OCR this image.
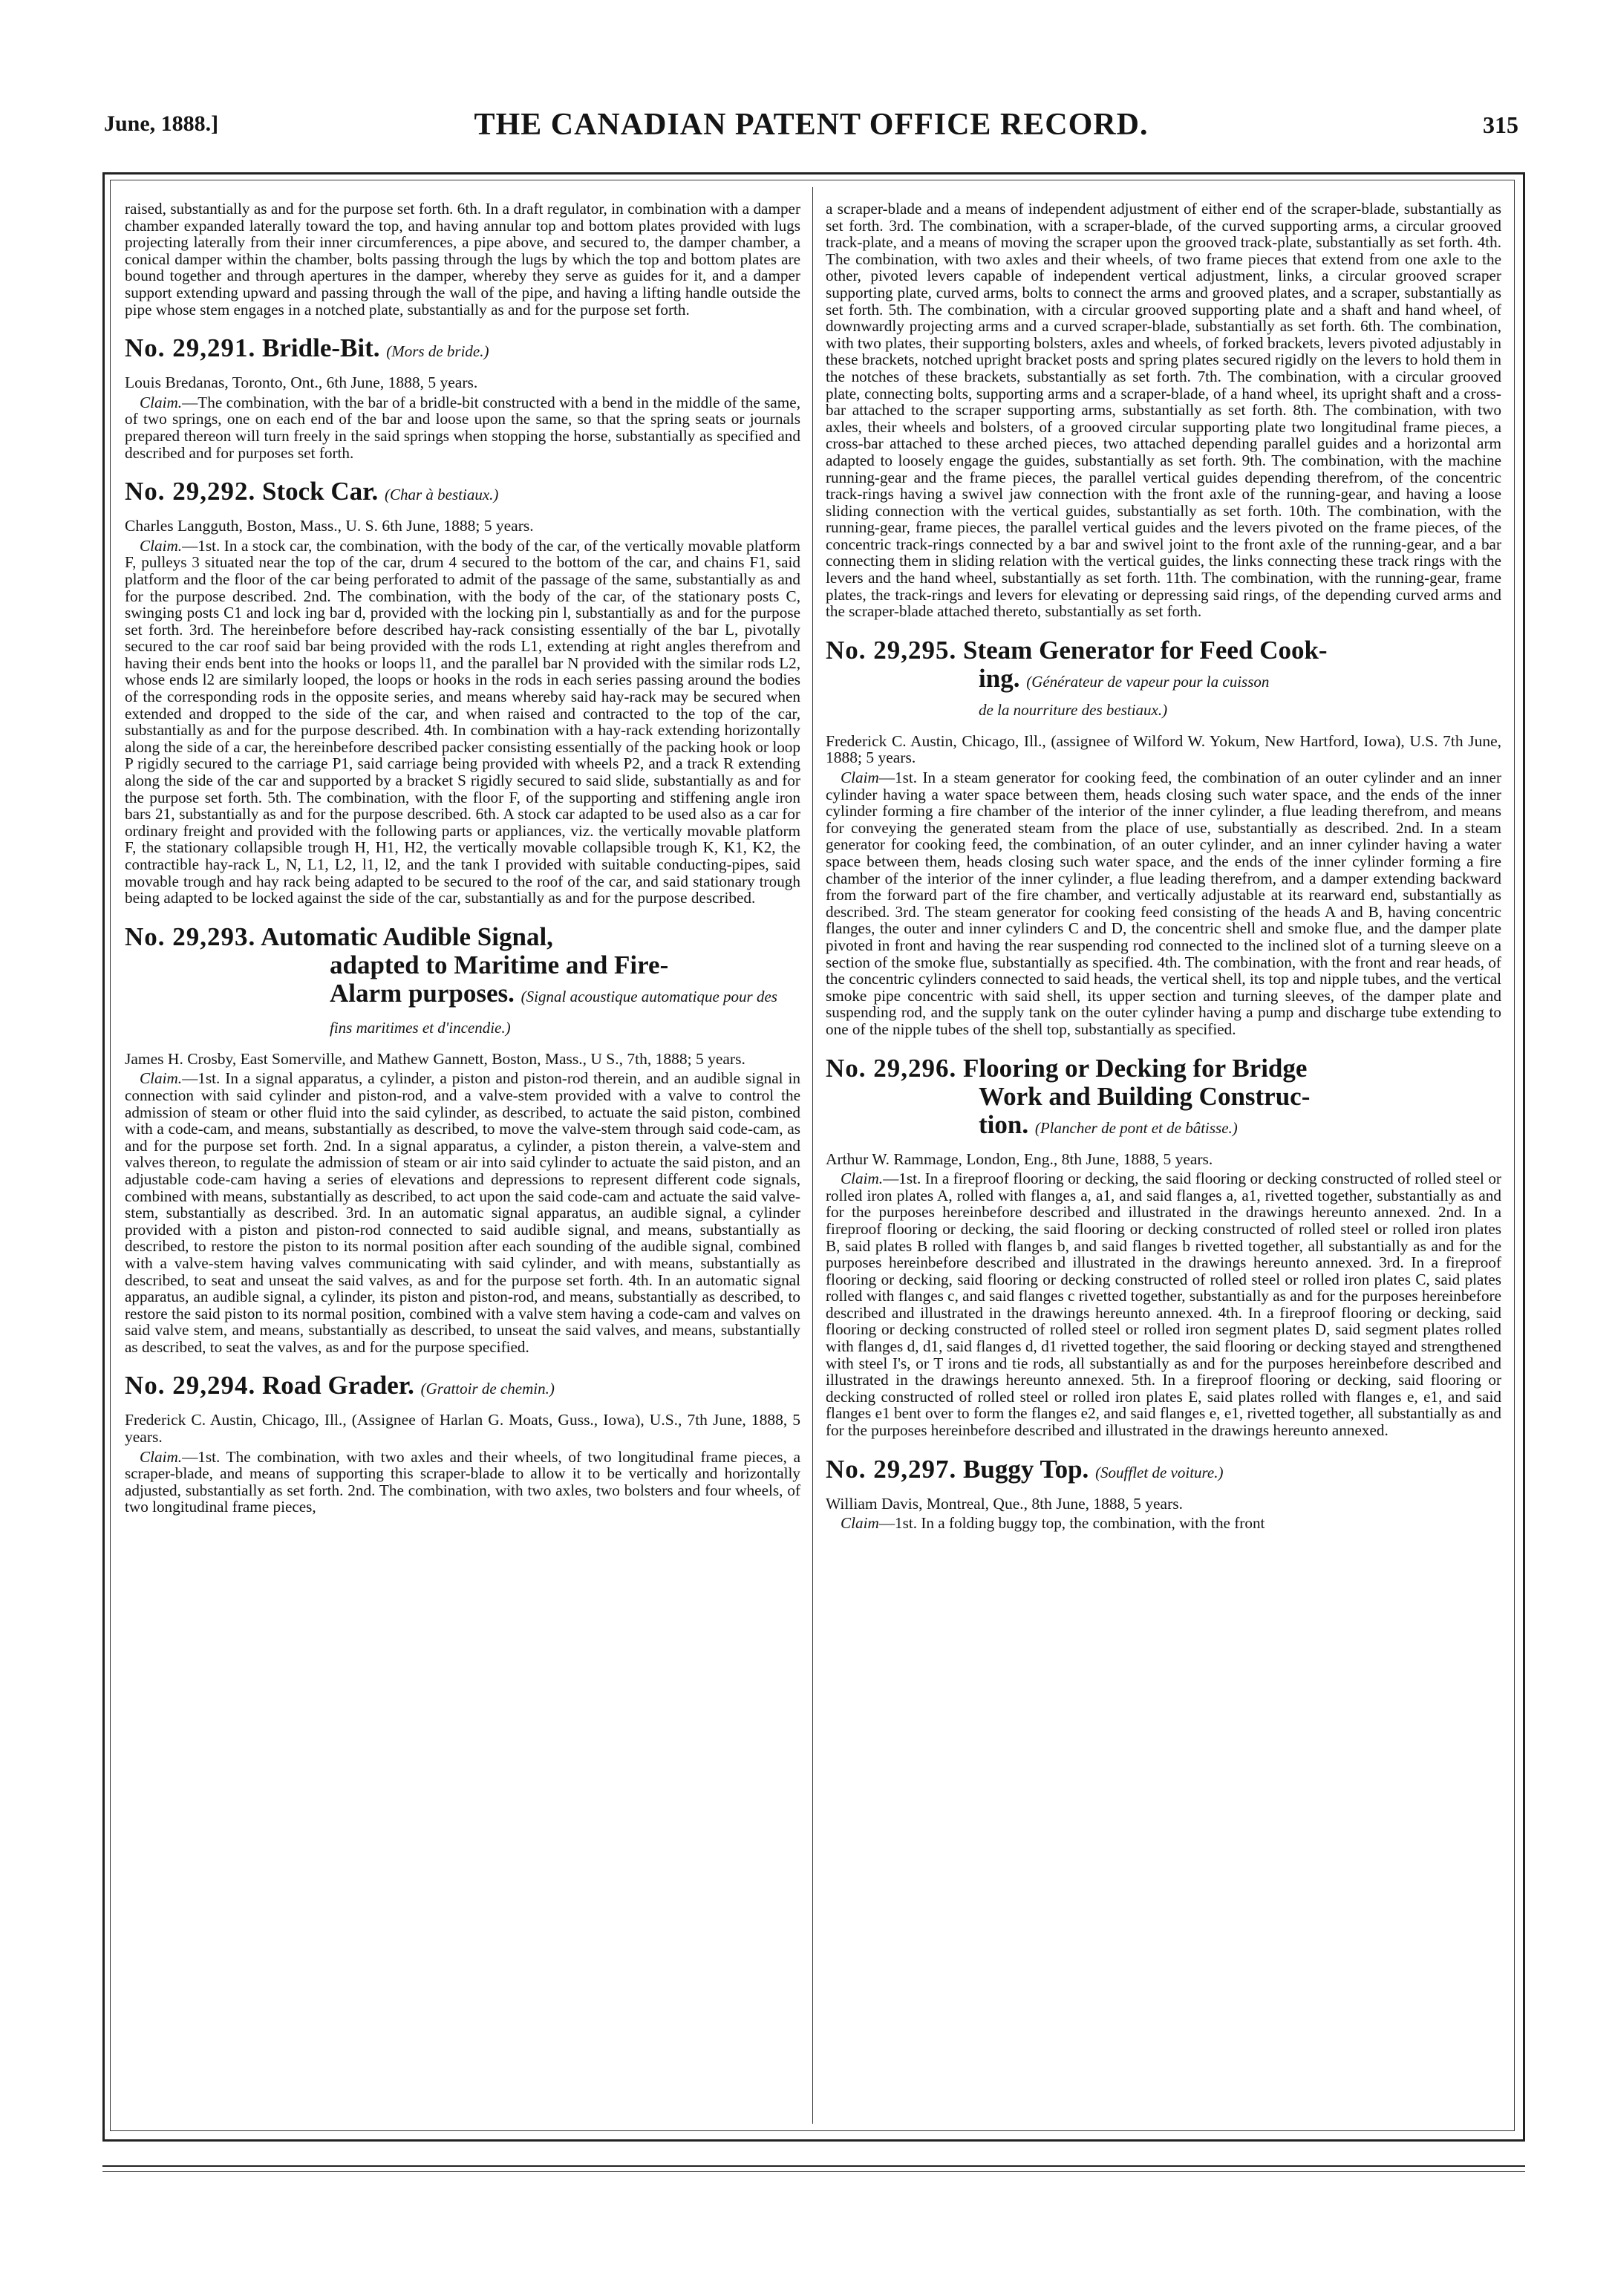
June, 1888.]	THE CANADIAN PATENT OFFICE RECORD.	315

raised, substantially as and for the purpose set forth. 6th. In a draft regulator, in combination with a damper chamber expanded laterally toward the top, and having annular top and bottom plates provided with lugs projecting laterally from their inner circumferences, a pipe above, and secured to, the damper chamber, a conical damper within the chamber, bolts passing through the lugs by which the top and bottom plates are bound together and through apertures in the damper, whereby they serve as guides for it, and a damper support extending upward and passing through the wall of the pipe, and having a lifting handle outside the pipe whose stem engages in a notched plate, substantially as and for the purpose set forth.

No. 29,291. Bridle-Bit. (Mors de bride.)

Louis Bredanas, Toronto, Ont., 6th June, 1888, 5 years.

Claim.—The combination, with the bar of a bridle-bit constructed with a bend in the middle of the same, of two springs, one on each end of the bar and loose upon the same, so that the spring seats or journals prepared thereon will turn freely in the said springs when stopping the horse, substantially as specified and described and for purposes set forth.

No. 29,292. Stock Car. (Char à bestiaux.)

Charles Langguth, Boston, Mass., U. S. 6th June, 1888; 5 years.

Claim.—1st. In a stock car, the combination, with the body of the car, of the vertically movable platform F, pulleys 3 situated near the top of the car, drum 4 secured to the bottom of the car, and chains F1, said platform and the floor of the car being perforated to admit of the passage of the same, substantially as and for the purpose described. 2nd. The combination, with the body of the car, of the stationary posts C, swinging posts C1 and lock ing bar d, provided with the locking pin l, substantially as and for the purpose set forth. 3rd. The hereinbefore before described hay-rack consisting essentially of the bar L, pivotally secured to the car roof said bar being provided with the rods L1, extending at right angles therefrom and having their ends bent into the hooks or loops l1, and the parallel bar N provided with the similar rods L2, whose ends l2 are similarly looped, the loops or hooks in the rods in each series passing around the bodies of the corresponding rods in the opposite series, and means whereby said hay-rack may be secured when extended and dropped to the side of the car, and when raised and contracted to the top of the car, substantially as and for the purpose described. 4th. In combination with a hay-rack extending horizontally along the side of a car, the hereinbefore described packer consisting essentially of the packing hook or loop P rigidly secured to the carriage P1, said carriage being provided with wheels P2, and a track R extending along the side of the car and supported by a bracket S rigidly secured to said slide, substantially as and for the purpose set forth. 5th. The combination, with the floor F, of the supporting and stiffening angle iron bars 21, substantially as and for the purpose described. 6th. A stock car adapted to be used also as a car for ordinary freight and provided with the following parts or appliances, viz. the vertically movable platform F, the stationary collapsible trough H, H1, H2, the vertically movable collapsible trough K, K1, K2, the contractible hay-rack L, N, L1, L2, l1, l2, and the tank I provided with suitable conducting-pipes, said movable trough and hay rack being adapted to be secured to the roof of the car, and said stationary trough being adapted to be locked against the side of the car, substantially as and for the purpose described.

No. 29,293. Automatic Audible Signal,
adapted to Maritime and Fire-
Alarm purposes. (Signal acoustique automatique pour des fins maritimes et d'incendie.)

James H. Crosby, East Somerville, and Mathew Gannett, Boston, Mass., U S., 7th, 1888; 5 years.

Claim.—1st. In a signal apparatus, a cylinder, a piston and piston-rod therein, and an audible signal in connection with said cylinder and piston-rod, and a valve-stem provided with a valve to control the admission of steam or other fluid into the said cylinder, as described, to actuate the said piston, combined with a code-cam, and means, substantially as described, to move the valve-stem through said code-cam, as and for the purpose set forth. 2nd. In a signal apparatus, a cylinder, a piston therein, a valve-stem and valves thereon, to regulate the admission of steam or air into said cylinder to actuate the said piston, and an adjustable code-cam having a series of elevations and depressions to represent different code signals, combined with means, substantially as described, to act upon the said code-cam and actuate the said valve-stem, substantially as described. 3rd. In an automatic signal apparatus, an audible signal, a cylinder provided with a piston and piston-rod connected to said audible signal, and means, substantially as described, to restore the piston to its normal position after each sounding of the audible signal, combined with a valve-stem having valves communicating with said cylinder, and with means, substantially as described, to seat and unseat the said valves, as and for the purpose set forth. 4th. In an automatic signal apparatus, an audible signal, a cylinder, its piston and piston-rod, and means, substantially as described, to restore the said piston to its normal position, combined with a valve stem having a code-cam and valves on said valve stem, and means, substantially as described, to unseat the said valves, and means, substantially as described, to seat the valves, as and for the purpose specified.

No. 29,294. Road Grader. (Grattoir de chemin.)

Frederick C. Austin, Chicago, Ill., (Assignee of Harlan G. Moats, Guss., Iowa), U.S., 7th June, 1888, 5 years.

Claim.—1st. The combination, with two axles and their wheels, of two longitudinal frame pieces, a scraper-blade, and means of supporting this scraper-blade to allow it to be vertically and horizontally adjusted, substantially as set forth. 2nd. The combination, with two axles, two bolsters and four wheels, of two longitudinal frame pieces,

a scraper-blade and a means of independent adjustment of either end of the scraper-blade, substantially as set forth. 3rd. The combination, with a scraper-blade, of the curved supporting arms, a circular grooved track-plate, and a means of moving the scraper upon the grooved track-plate, substantially as set forth. 4th. The combination, with two axles and their wheels, of two frame pieces that extend from one axle to the other, pivoted levers capable of independent vertical adjustment, links, a circular grooved scraper supporting plate, curved arms, bolts to connect the arms and grooved plates, and a scraper, substantially as set forth. 5th. The combination, with a circular grooved supporting plate and a shaft and hand wheel, of downwardly projecting arms and a curved scraper-blade, substantially as set forth. 6th. The combination, with two plates, their supporting bolsters, axles and wheels, of forked brackets, levers pivoted adjustably in these brackets, notched upright bracket posts and spring plates secured rigidly on the levers to hold them in the notches of these brackets, substantially as set forth. 7th. The combination, with a circular grooved plate, connecting bolts, supporting arms and a scraper-blade, of a hand wheel, its upright shaft and a cross-bar attached to the scraper supporting arms, substantially as set forth. 8th. The combination, with two axles, their wheels and bolsters, of a grooved circular supporting plate two longitudinal frame pieces, a cross-bar attached to these arched pieces, two attached depending parallel guides and a horizontal arm adapted to loosely engage the guides, substantially as set forth. 9th. The combination, with the machine running-gear and the frame pieces, the parallel vertical guides depending therefrom, of the concentric track-rings having a swivel jaw connection with the front axle of the running-gear, and having a loose sliding connection with the vertical guides, substantially as set forth. 10th. The combination, with the running-gear, frame pieces, the parallel vertical guides and the levers pivoted on the frame pieces, of the concentric track-rings connected by a bar and swivel joint to the front axle of the running-gear, and a bar connecting them in sliding relation with the vertical guides, the links connecting these track rings with the levers and the hand wheel, substantially as set forth. 11th. The combination, with the running-gear, frame plates, the track-rings and levers for elevating or depressing said rings, of the depending curved arms and the scraper-blade attached thereto, substantially as set forth.

No. 29,295. Steam Generator for Feed Cook-
ing. (Générateur de vapeur pour la cuisson
de la nourriture des bestiaux.)

Frederick C. Austin, Chicago, Ill., (assignee of Wilford W. Yokum, New Hartford, Iowa), U.S. 7th June, 1888; 5 years.

Claim—1st. In a steam generator for cooking feed, the combination of an outer cylinder and an inner cylinder having a water space between them, heads closing such water space, and the ends of the inner cylinder forming a fire chamber of the interior of the inner cylinder, a flue leading therefrom, and means for conveying the generated steam from the place of use, substantially as described. 2nd. In a steam generator for cooking feed, the combination, of an outer cylinder, and an inner cylinder having a water space between them, heads closing such water space, and the ends of the inner cylinder forming a fire chamber of the interior of the inner cylinder, a flue leading therefrom, and a damper extending backward from the forward part of the fire chamber, and vertically adjustable at its rearward end, substantially as described. 3rd. The steam generator for cooking feed consisting of the heads A and B, having concentric flanges, the outer and inner cylinders C and D, the concentric shell and smoke flue, and the damper plate pivoted in front and having the rear suspending rod connected to the inclined slot of a turning sleeve on a section of the smoke flue, substantially as specified. 4th. The combination, with the front and rear heads, of the concentric cylinders connected to said heads, the vertical shell, its top and nipple tubes, and the vertical smoke pipe concentric with said shell, its upper section and turning sleeves, of the damper plate and suspending rod, and the supply tank on the outer cylinder having a pump and discharge tube extending to one of the nipple tubes of the shell top, substantially as specified.

No. 29,296. Flooring or Decking for Bridge
Work and Building Construc-
tion. (Plancher de pont et de bâtisse.)

Arthur W. Rammage, London, Eng., 8th June, 1888, 5 years.

Claim.—1st. In a fireproof flooring or decking, the said flooring or decking constructed of rolled steel or rolled iron plates A, rolled with flanges a, a1, and said flanges a, a1, rivetted together, substantially as and for the purposes hereinbefore described and illustrated in the drawings hereunto annexed. 2nd. In a fireproof flooring or decking, the said flooring or decking constructed of rolled steel or rolled iron plates B, said plates B rolled with flanges b, and said flanges b rivetted together, all substantially as and for the purposes hereinbefore described and illustrated in the drawings hereunto annexed. 3rd. In a fireproof flooring or decking, said flooring or decking constructed of rolled steel or rolled iron plates C, said plates rolled with flanges c, and said flanges c rivetted together, substantially as and for the purposes hereinbefore described and illustrated in the drawings hereunto annexed. 4th. In a fireproof flooring or decking, said flooring or decking constructed of rolled steel or rolled iron segment plates D, said segment plates rolled with flanges d, d1, said flanges d, d1 rivetted together, the said flooring or decking stayed and strengthened with steel I's, or T irons and tie rods, all substantially as and for the purposes hereinbefore described and illustrated in the drawings hereunto annexed. 5th. In a fireproof flooring or decking, said flooring or decking constructed of rolled steel or rolled iron plates E, said plates rolled with flanges e, e1, and said flanges e1 bent over to form the flanges e2, and said flanges e, e1, rivetted together, all substantially as and for the purposes hereinbefore described and illustrated in the drawings hereunto annexed.

No. 29,297. Buggy Top. (Soufflet de voiture.)

William Davis, Montreal, Que., 8th June, 1888, 5 years.

Claim—1st. In a folding buggy top, the combination, with the front
